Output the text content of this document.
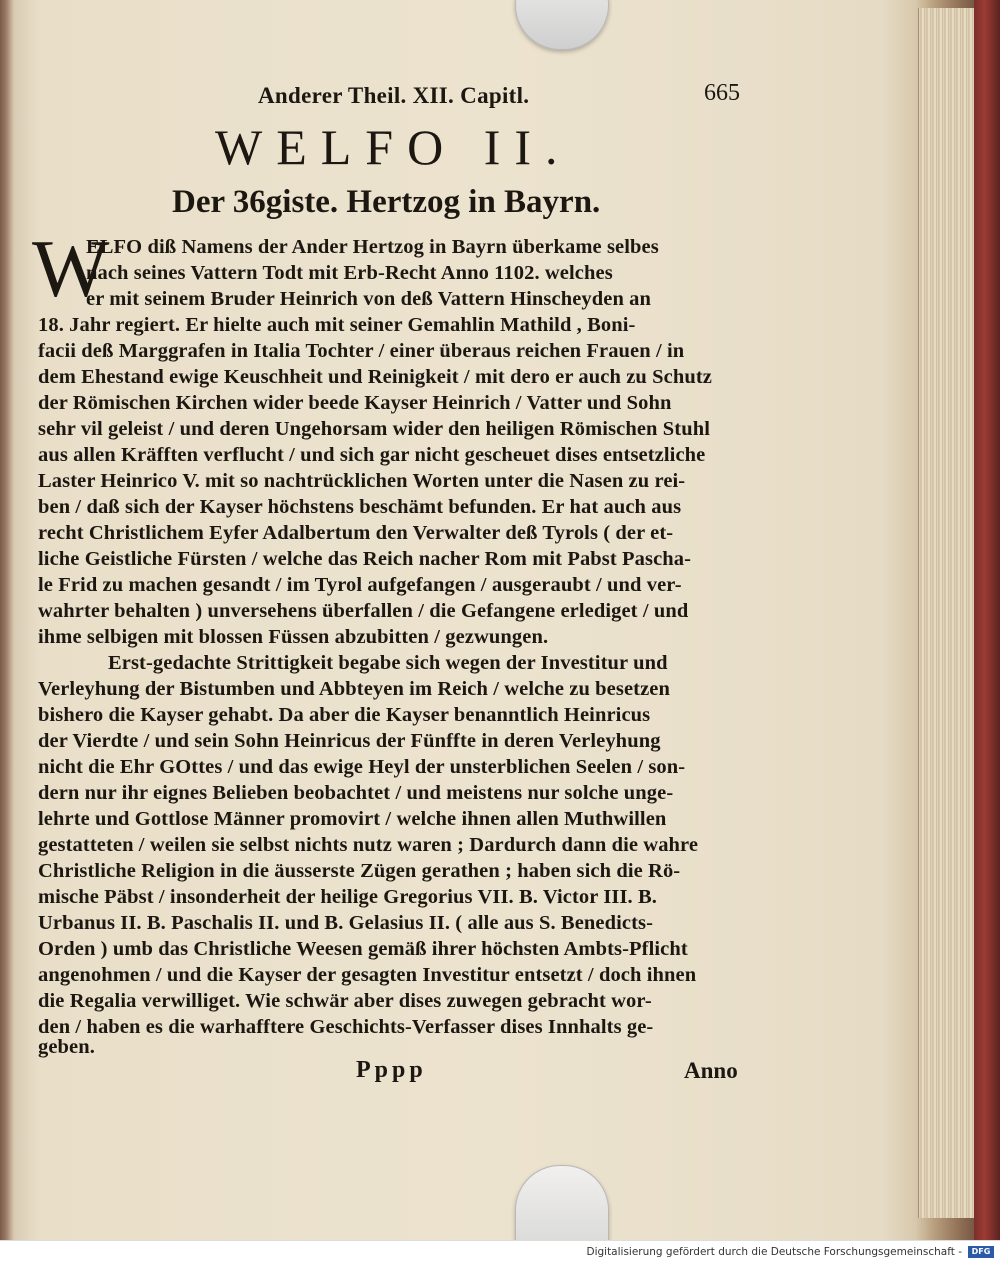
Anderer Theil. XII. Capitl.	665
WELFO II.
Der 36giste. Hertzog in Bayrn.
W
ELFO diß Namens der Ander Hertzog in Bayrn überkame selbes
nach seines Vattern Todt mit Erb-Recht Anno 1102. welches
er mit seinem Bruder Heinrich von deß Vattern Hinscheyden an
18. Jahr regiert. Er hielte auch mit seiner Gemahlin Mathild , Boni-
facii deß Marggrafen in Italia Tochter / einer überaus reichen Frauen / in
dem Ehestand ewige Keuschheit und Reinigkeit / mit dero er auch zu Schutz
der Römischen Kirchen wider beede Kayser Heinrich / Vatter und Sohn
sehr vil geleist / und deren Ungehorsam wider den heiligen Römischen Stuhl
aus allen Kräfften verflucht / und sich gar nicht gescheuet dises entsetzliche
Laster Heinrico V. mit so nachtrücklichen Worten unter die Nasen zu rei-
ben / daß sich der Kayser höchstens beschämt befunden. Er hat auch aus
recht Christlichem Eyfer Adalbertum den Verwalter deß Tyrols ( der et-
liche Geistliche Fürsten / welche das Reich nacher Rom mit Pabst Pascha-
le Frid zu machen gesandt / im Tyrol aufgefangen / ausgeraubt / und ver-
wahrter behalten ) unversehens überfallen / die Gefangene erlediget / und
ihme selbigen mit blossen Füssen abzubitten / gezwungen.
Erst-gedachte Strittigkeit begabe sich wegen der Investitur und
Verleyhung der Bistumben und Abbteyen im Reich / welche zu besetzen
bishero die Kayser gehabt. Da aber die Kayser benanntlich Heinricus
der Vierdte / und sein Sohn Heinricus der Fünffte in deren Verleyhung
nicht die Ehr GOttes / und das ewige Heyl der unsterblichen Seelen / son-
dern nur ihr eignes Belieben beobachtet / und meistens nur solche unge-
lehrte und Gottlose Männer promovirt / welche ihnen allen Muthwillen
gestatteten / weilen sie selbst nichts nutz waren ; Dardurch dann die wahre
Christliche Religion in die äusserste Zügen gerathen ; haben sich die Rö-
mische Päbst / insonderheit der heilige Gregorius VII. B. Victor III. B.
Urbanus II. B. Paschalis II. und B. Gelasius II. ( alle aus S. Benedicts-
Orden ) umb das Christliche Weesen gemäß ihrer höchsten Ambts-Pflicht
angenohmen / und die Kayser der gesagten Investitur entsetzt / doch ihnen
die Regalia verwilliget. Wie schwär aber dises zuwegen gebracht wor-
den / haben es die warhafftere Geschichts-Verfasser dises Innhalts ge-
geben.
Pppp	Anno
Digitalisierung gefördert durch die Deutsche Forschungsgemeinschaft -	DFG
